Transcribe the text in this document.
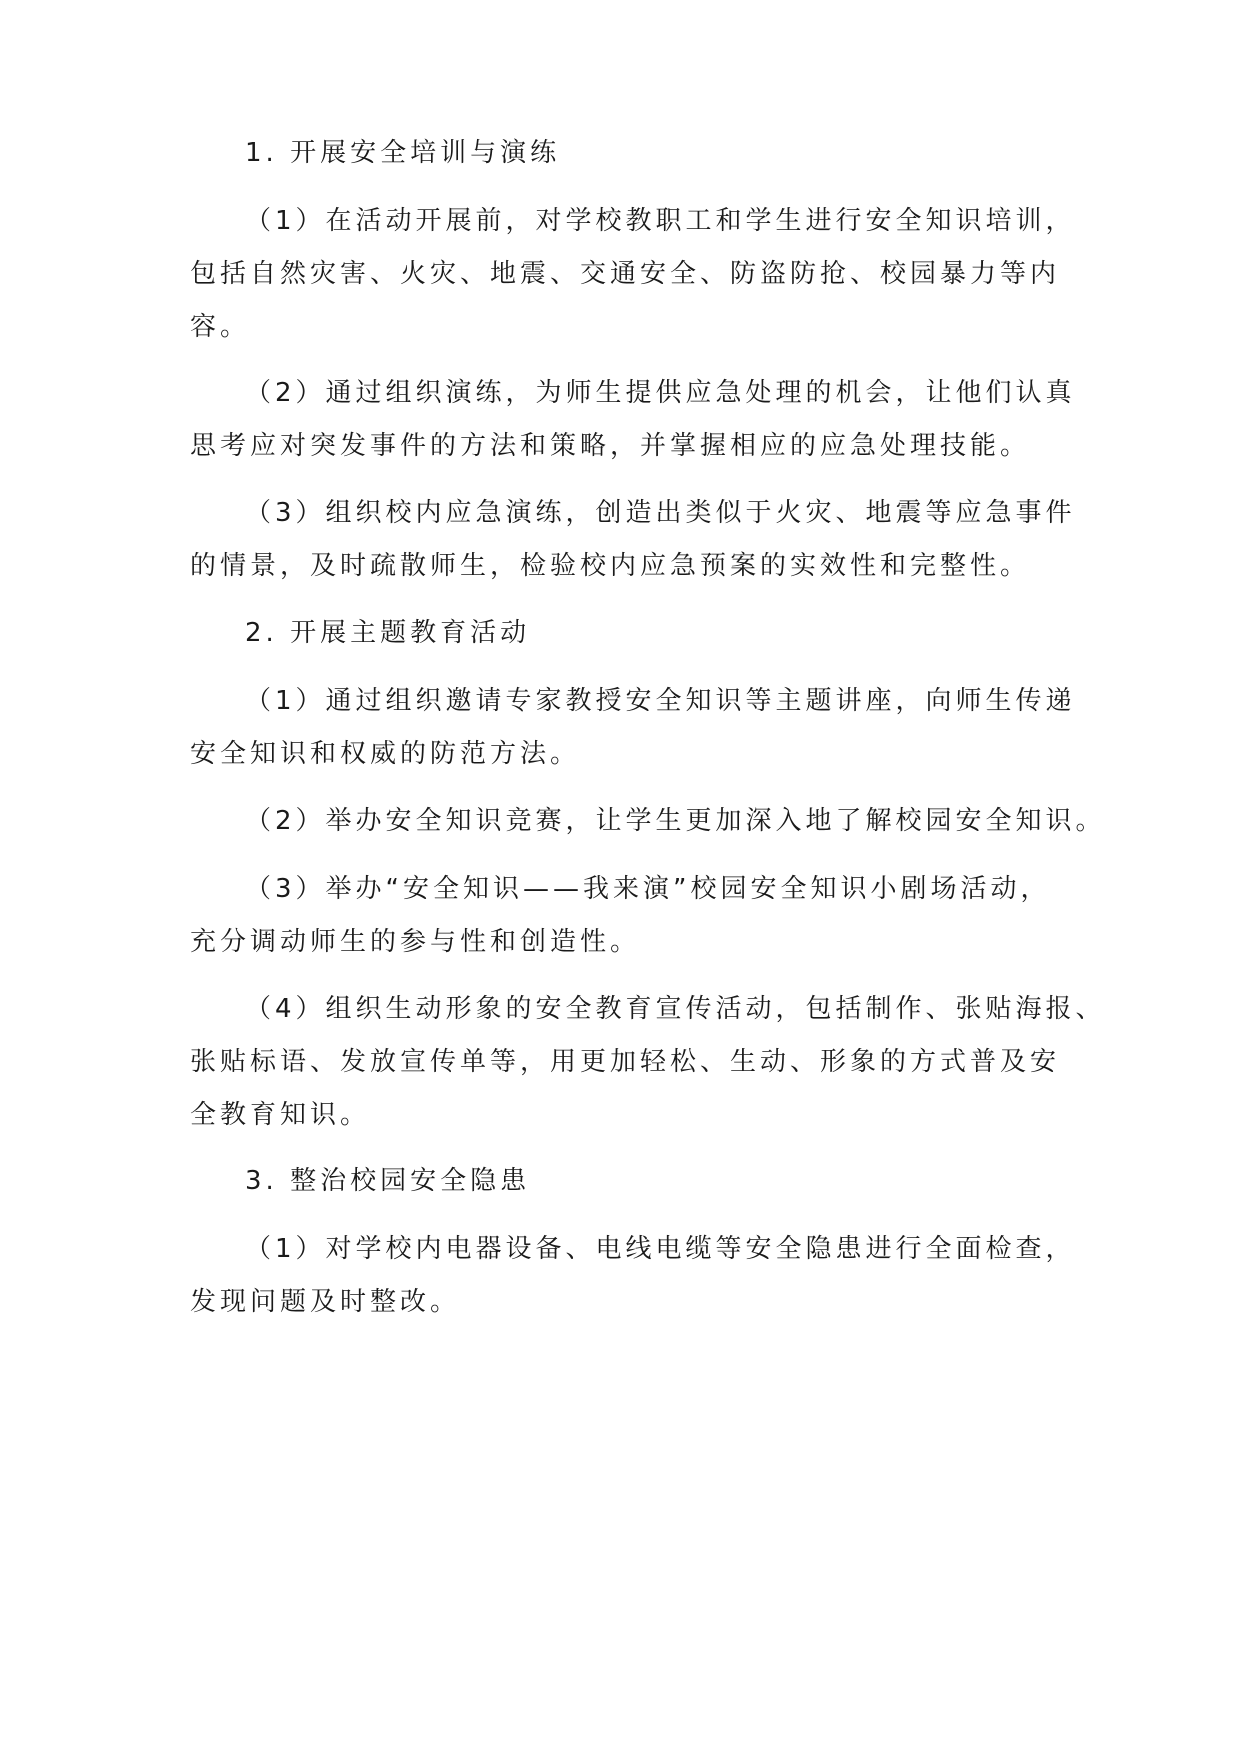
1. 开展安全培训与演练
（1）在活动开展前，对学校教职工和学生进行安全知识培训，
包括自然灾害、火灾、地震、交通安全、防盗防抢、校园暴力等内
容。
（2）通过组织演练，为师生提供应急处理的机会，让他们认真
思考应对突发事件的方法和策略，并掌握相应的应急处理技能。
（3）组织校内应急演练，创造出类似于火灾、地震等应急事件
的情景，及时疏散师生，检验校内应急预案的实效性和完整性。
2. 开展主题教育活动
（1）通过组织邀请专家教授安全知识等主题讲座，向师生传递
安全知识和权威的防范方法。
（2）举办安全知识竞赛，让学生更加深入地了解校园安全知识。
（3）举办“安全知识——我来演”校园安全知识小剧场活动，
充分调动师生的参与性和创造性。
（4）组织生动形象的安全教育宣传活动，包括制作、张贴海报、
张贴标语、发放宣传单等，用更加轻松、生动、形象的方式普及安
全教育知识。
3. 整治校园安全隐患
（1）对学校内电器设备、电线电缆等安全隐患进行全面检查，
发现问题及时整改。
